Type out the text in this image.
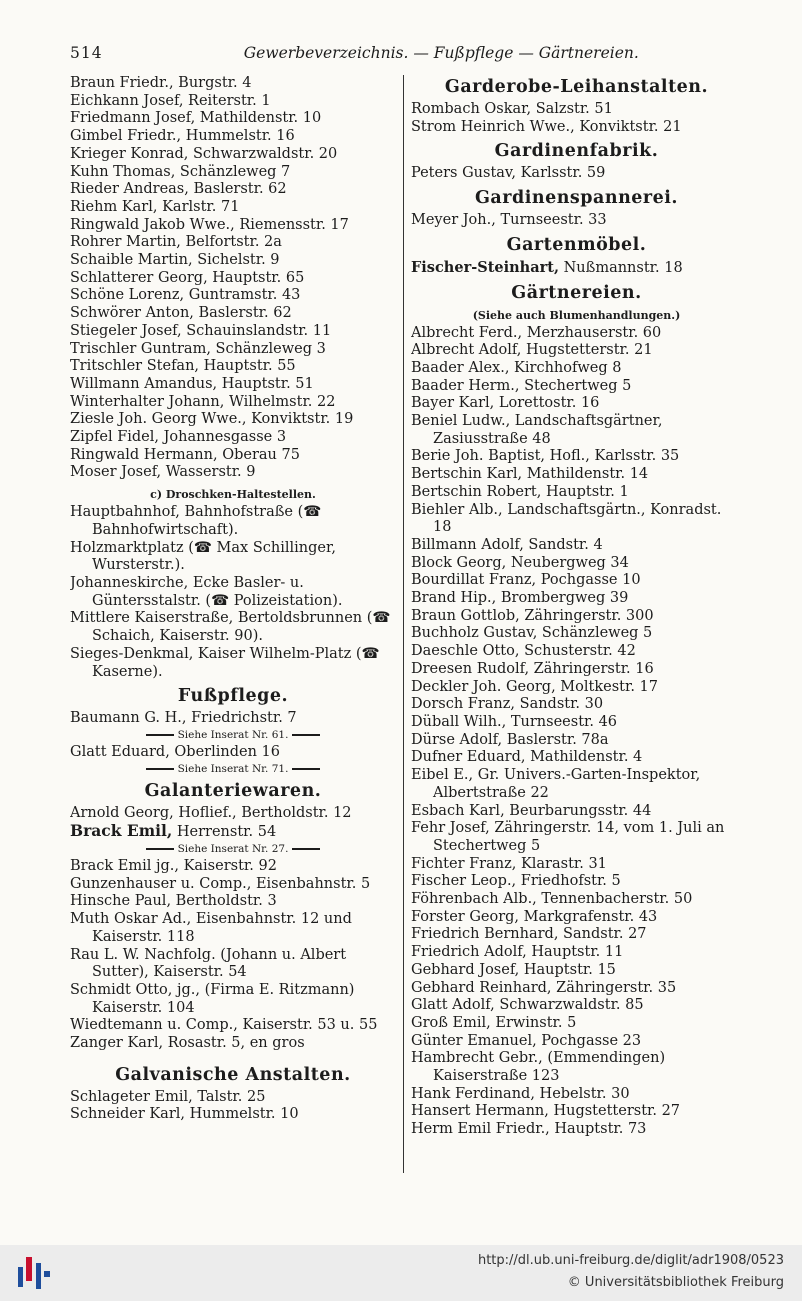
514	Gewerbeverzeichnis. — Fußpflege — Gärtnereien.
Braun Friedr., Burgstr. 4
Eichkann Josef, Reiterstr. 1
Friedmann Josef, Mathildenstr. 10
Gimbel Friedr., Hummelstr. 16
Krieger Konrad, Schwarzwaldstr. 20
Kuhn Thomas, Schänzleweg 7
Rieder Andreas, Baslerstr. 62
Riehm Karl, Karlstr. 71
Ringwald Jakob Wwe., Riemensstr. 17
Rohrer Martin, Belfortstr. 2a
Schaible Martin, Sichelstr. 9
Schlatterer Georg, Hauptstr. 65
Schöne Lorenz, Guntramstr. 43
Schwörer Anton, Baslerstr. 62
Stiegeler Josef, Schauinslandstr. 11
Trischler Guntram, Schänzleweg 3
Tritschler Stefan, Hauptstr. 55
Willmann Amandus, Hauptstr. 51
Winterhalter Johann, Wilhelmstr. 22
Ziesle Joh. Georg Wwe., Konviktstr. 19
Zipfel Fidel, Johannesgasse 3
Ringwald Hermann, Oberau 75
Moser Josef, Wasserstr. 9
c) Droschken-Haltestellen.
Hauptbahnhof, Bahnhofstraße (☎ Bahnhofwirtschaft).
Holzmarktplatz (☎ Max Schillinger, Wursterstr.).
Johanneskirche, Ecke Basler- u. Güntersstalstr. (☎ Polizeistation).
Mittlere Kaiserstraße, Bertoldsbrunnen (☎ Schaich, Kaiserstr. 90).
Sieges-Denkmal, Kaiser Wilhelm-Platz (☎ Kaserne).
Fußpflege.
Baumann G. H., Friedrichstr. 7
Siehe Inserat Nr. 61.
Glatt Eduard, Oberlinden 16
Siehe Inserat Nr. 71.
Galanteriewaren.
Arnold Georg, Hoflief., Bertholdstr. 12
Brack Emil, Herrenstr. 54
Siehe Inserat Nr. 27.
Brack Emil jg., Kaiserstr. 92
Gunzenhauser u. Comp., Eisenbahnstr. 5
Hinsche Paul, Bertholdstr. 3
Muth Oskar Ad., Eisenbahnstr. 12 und Kaiserstr. 118
Rau L. W. Nachfolg. (Johann u. Albert Sutter), Kaiserstr. 54
Schmidt Otto, jg., (Firma E. Ritzmann) Kaiserstr. 104
Wiedtemann u. Comp., Kaiserstr. 53 u. 55
Zanger Karl, Rosastr. 5, en gros
Galvanische Anstalten.
Schlageter Emil, Talstr. 25
Schneider Karl, Hummelstr. 10
Garderobe-Leihanstalten.
Rombach Oskar, Salzstr. 51
Strom Heinrich Wwe., Konviktstr. 21
Gardinenfabrik.
Peters Gustav, Karlsstr. 59
Gardinenspannerei.
Meyer Joh., Turnseestr. 33
Gartenmöbel.
Fischer-Steinhart, Nußmannstr. 18
Gärtnereien.
(Siehe auch Blumenhandlungen.)
Albrecht Ferd., Merzhauserstr. 60
Albrecht Adolf, Hugstetterstr. 21
Baader Alex., Kirchhofweg 8
Baader Herm., Stechertweg 5
Bayer Karl, Lorettostr. 16
Beniel Ludw., Landschaftsgärtner, Zasiusstraße 48
Berie Joh. Baptist, Hofl., Karlsstr. 35
Bertschin Karl, Mathildenstr. 14
Bertschin Robert, Hauptstr. 1
Biehler Alb., Landschaftsgärtn., Konradst. 18
Billmann Adolf, Sandstr. 4
Block Georg, Neubergweg 34
Bourdillat Franz, Pochgasse 10
Brand Hip., Brombergweg 39
Braun Gottlob, Zähringerstr. 300
Buchholz Gustav, Schänzleweg 5
Daeschle Otto, Schusterstr. 42
Dreesen Rudolf, Zähringerstr. 16
Deckler Joh. Georg, Moltkestr. 17
Dorsch Franz, Sandstr. 30
Düball Wilh., Turnseestr. 46
Dürse Adolf, Baslerstr. 78a
Dufner Eduard, Mathildenstr. 4
Eibel E., Gr. Univers.-Garten-Inspektor, Albertstraße 22
Esbach Karl, Beurbarungsstr. 44
Fehr Josef, Zähringerstr. 14, vom 1. Juli an Stechertweg 5
Fichter Franz, Klarastr. 31
Fischer Leop., Friedhofstr. 5
Föhrenbach Alb., Tennenbacherstr. 50
Forster Georg, Markgrafenstr. 43
Friedrich Bernhard, Sandstr. 27
Friedrich Adolf, Hauptstr. 11
Gebhard Josef, Hauptstr. 15
Gebhard Reinhard, Zähringerstr. 35
Glatt Adolf, Schwarzwaldstr. 85
Groß Emil, Erwinstr. 5
Günter Emanuel, Pochgasse 23
Hambrecht Gebr., (Emmendingen) Kaiserstraße 123
Hank Ferdinand, Hebelstr. 30
Hansert Hermann, Hugstetterstr. 27
Herm Emil Friedr., Hauptstr. 73
http://dl.ub.uni-freiburg.de/diglit/adr1908/0523
© Universitätsbibliothek Freiburg
